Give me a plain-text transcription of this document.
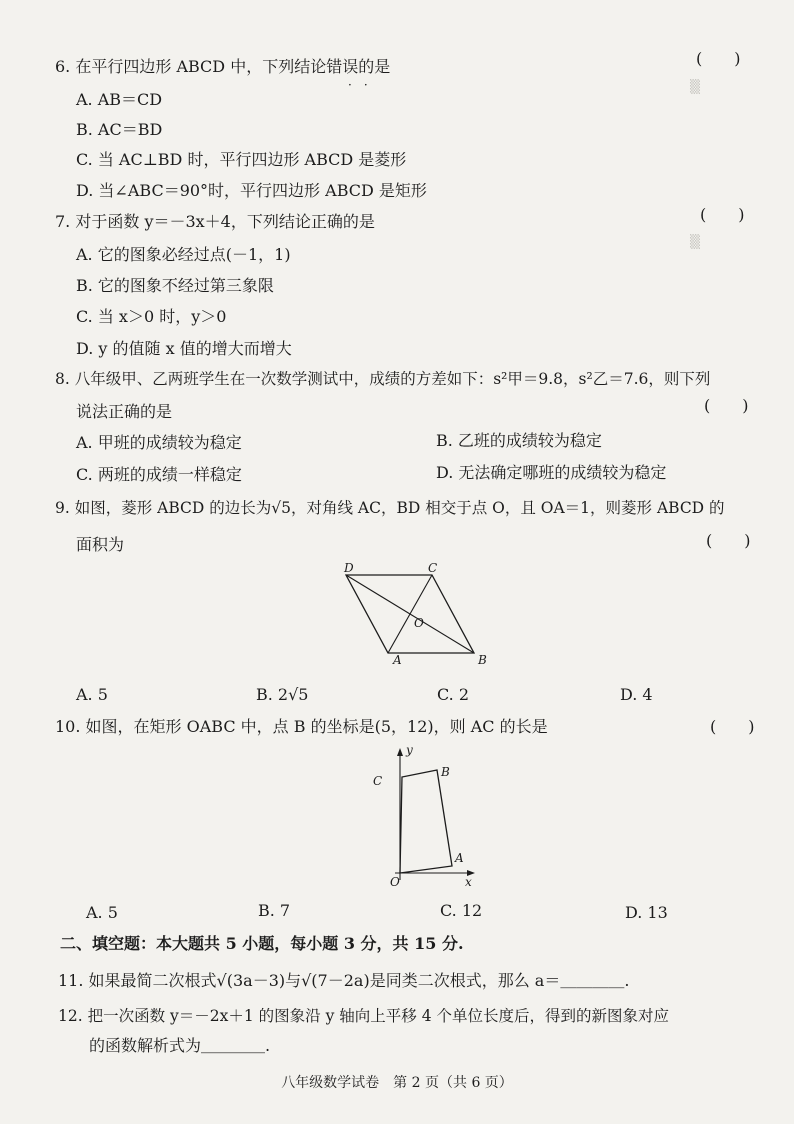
▒
▒
6. 在平行四边形 ABCD 中，下列结论错误的是
·　·
(　　)
A. AB＝CD
B. AC＝BD
C. 当 AC⊥BD 时，平行四边形 ABCD 是菱形
D. 当∠ABC＝90°时，平行四边形 ABCD 是矩形
7. 对于函数 y＝－3x＋4，下列结论正确的是	(　　)
A. 它的图象必经过点(－1，1)
B. 它的图象不经过第三象限
C. 当 x＞0 时，y＞0
D. y 的值随 x 值的增大而增大
8. 八年级甲、乙两班学生在一次数学测试中，成绩的方差如下：s²甲＝9.8，s²乙＝7.6，则下列
说法正确的是	(　　)
A. 甲班的成绩较为稳定	B. 乙班的成绩较为稳定
C. 两班的成绩一样稳定	D. 无法确定哪班的成绩较为稳定
9. 如图，菱形 ABCD 的边长为√5，对角线 AC，BD 相交于点 O，且 OA＝1，则菱形 ABCD 的
面积为	(　　)
D	C
O
A	B
A. 5	B. 2√5	C. 2	D. 4
10. 如图，在矩形 OABC 中，点 B 的坐标是(5，12)，则 AC 的长是	(　　)
y
x
O
A
B
C
A. 5	B. 7	C. 12	D. 13
二、填空题：本大题共 5 小题，每小题 3 分，共 15 分.
11. 如果最简二次根式√(3a－3)与√(7－2a)是同类二次根式，那么 a＝＿＿＿＿.
12. 把一次函数 y＝－2x＋1 的图象沿 y 轴向上平移 4 个单位长度后，得到的新图象对应
的函数解析式为＿＿＿＿.
八年级数学试卷　第 2 页（共 6 页）
